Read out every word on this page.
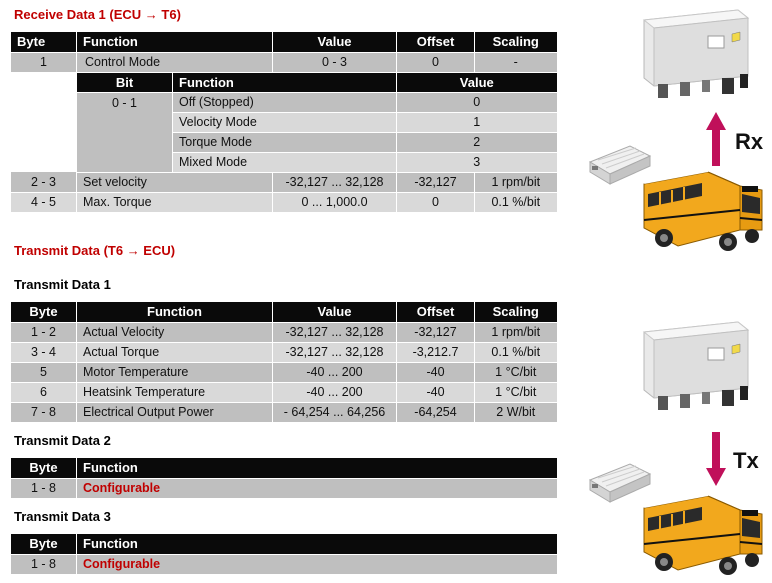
Receive Data 1 (ECU → T6)
Byte	Function		Value	Offset	Scaling
1	Control Mode		0 - 3	0	-
	Bit	Function		Value	
	0 - 1	Off (Stopped)		0	
		Velocity Mode		1	
		Torque Mode		2	
		Mixed Mode		3	
2 - 3	Set velocity		-32,127 ... 32,128	-32,127	1 rpm/bit
4 - 5	Max. Torque		0 ... 1,000.0	0	0.1 %/bit
Transmit Data (T6 → ECU)
Transmit Data 1
Byte	Function	Value	Offset	Scaling
1 - 2	Actual Velocity	-32,127 ... 32,128	-32,127	1 rpm/bit
3 - 4	Actual Torque	-32,127 ... 32,128	-3,212.7	0.1 %/bit
5	Motor Temperature	-40 ... 200	-40	1 °C/bit
6	Heatsink Temperature	-40 ... 200	-40	1 °C/bit
7 - 8	Electrical Output Power	- 64,254 ... 64,256	-64,254	2 W/bit
Transmit Data 2
Byte	Function
1 - 8	Configurable
Transmit Data 3
Byte	Function
1 - 8	Configurable
Rx
Tx
